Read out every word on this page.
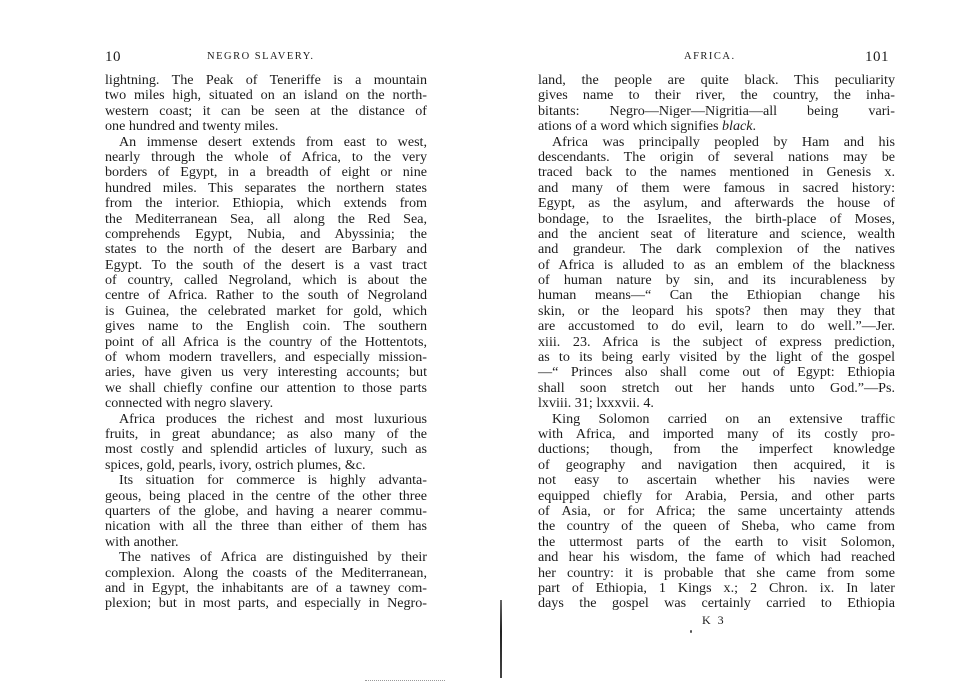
10	NEGRO SLAVERY.
lightning. The Peak of Teneriffe is a mountain
two miles high, situated on an island on the north-
western coast; it can be seen at the distance of
one hundred and twenty miles.
An immense desert extends from east to west,
nearly through the whole of Africa, to the very
borders of Egypt, in a breadth of eight or nine
hundred miles. This separates the northern states
from the interior. Ethiopia, which extends from
the Mediterranean Sea, all along the Red Sea,
comprehends Egypt, Nubia, and Abyssinia; the
states to the north of the desert are Barbary and
Egypt. To the south of the desert is a vast tract
of country, called Negroland, which is about the
centre of Africa. Rather to the south of Negroland
is Guinea, the celebrated market for gold, which
gives name to the English coin. The southern
point of all Africa is the country of the Hottentots,
of whom modern travellers, and especially mission-
aries, have given us very interesting accounts; but
we shall chiefly confine our attention to those parts
connected with negro slavery.
Africa produces the richest and most luxurious
fruits, in great abundance; as also many of the
most costly and splendid articles of luxury, such as
spices, gold, pearls, ivory, ostrich plumes, &c.
Its situation for commerce is highly advanta-
geous, being placed in the centre of the other three
quarters of the globe, and having a nearer commu-
nication with all the three than either of them has
with another.
The natives of Africa are distinguished by their
complexion. Along the coasts of the Mediterranean,
and in Egypt, the inhabitants are of a tawney com-
plexion; but in most parts, and especially in Negro-
AFRICA.	101
land, the people are quite black. This peculiarity
gives name to their river, the country, the inha-
bitants: Negro—Niger—Nigritia—all being vari-
ations of a word which signifies black.
Africa was principally peopled by Ham and his
descendants. The origin of several nations may be
traced back to the names mentioned in Genesis x.
and many of them were famous in sacred history:
Egypt, as the asylum, and afterwards the house of
bondage, to the Israelites, the birth-place of Moses,
and the ancient seat of literature and science, wealth
and grandeur. The dark complexion of the natives
of Africa is alluded to as an emblem of the blackness
of human nature by sin, and its incurableness by
human means—“ Can the Ethiopian change his
skin, or the leopard his spots? then may they that
are accustomed to do evil, learn to do well.”—Jer.
xiii. 23. Africa is the subject of express prediction,
as to its being early visited by the light of the gospel
—“ Princes also shall come out of Egypt: Ethiopia
shall soon stretch out her hands unto God.”—Ps.
lxviii. 31; lxxxvii. 4.
King Solomon carried on an extensive traffic
with Africa, and imported many of its costly pro-
ductions; though, from the imperfect knowledge
of geography and navigation then acquired, it is
not easy to ascertain whether his navies were
equipped chiefly for Arabia, Persia, and other parts
of Asia, or for Africa; the same uncertainty attends
the country of the queen of Sheba, who came from
the uttermost parts of the earth to visit Solomon,
and hear his wisdom, the fame of which had reached
her country: it is probable that she came from some
part of Ethiopia, 1 Kings x.; 2 Chron. ix. In later
days the gospel was certainly carried to Ethiopia
K 3
